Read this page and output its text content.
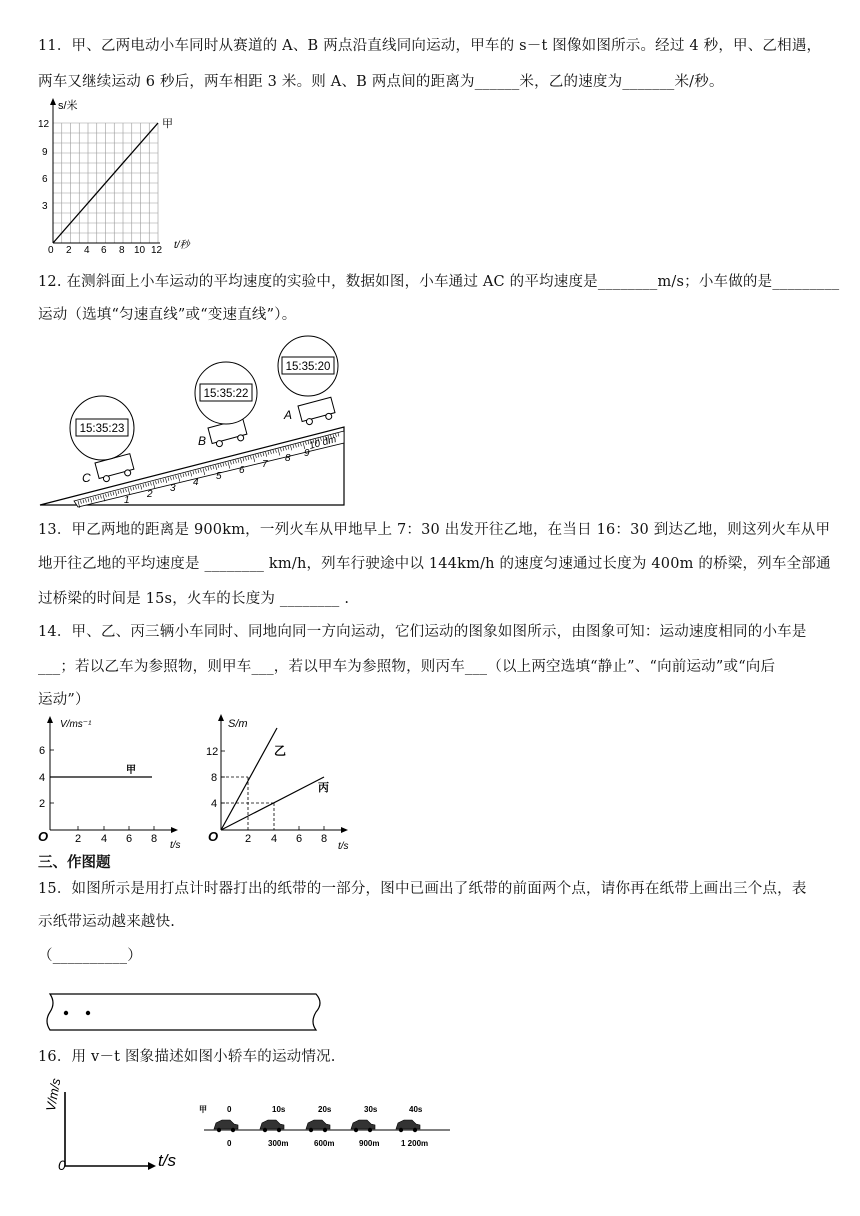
11．甲、乙两电动小车同时从赛道的 A、B 两点沿直线同向运动，甲车的 s－t 图像如图所示。经过 4 秒，甲、乙相遇，
两车又继续运动 6 秒后，两车相距 3 米。则 A、B 两点间的距离为______米，乙的速度为_______米/秒。
s/米
甲
t/秒
12
9
6
3
0 2 4 6 8 10 12
12. 在测斜面上小车运动的平均速度的实验中，数据如图，小车通过 AC 的平均速度是________m/s；小车做的是_________
运动（选填“匀速直线”或“变速直线”）。
1
2
3
4
5
6
7
8 9
10 dm
C
B
A
15:35:23
15:35:22
15:35:20
13．甲乙两地的距离是 900km，一列火车从甲地早上 7：30 出发开往乙地，在当日 16：30 到达乙地，则这列火车从甲
地开往乙地的平均速度是 ________ km/h，列车行驶途中以 144km/h 的速度匀速通过长度为 400m 的桥梁，列车全部通
过桥梁的时间是 15s，火车的长度为 ________ .
14．甲、乙、丙三辆小车同时、同地向同一方向运动，它们运动的图象如图所示，由图象可知：运动速度相同的小车是
___；若以乙车为参照物，则甲车___，若以甲车为参照物，则丙车___（以上两空选填“静止”、“向前运动”或“向后
运动”）
V/ms⁻¹
甲
O
6
4
2
2 4 6 8
t/s
S/m
乙
丙
O
12
8
4
2 4 6 8
t/s
三、作图题
15．如图所示是用打点计时器打出的纸带的一部分，图中已画出了纸带的前面两个点，请你再在纸带上画出三个点，表
示纸带运动越来越快.
（__________）
16．用 v－t 图象描述如图小轿车的运动情况.
V/m/s
0	t/s
甲	0	10s	20s	30s	40s
0	300m	600m	900m	1 200m
